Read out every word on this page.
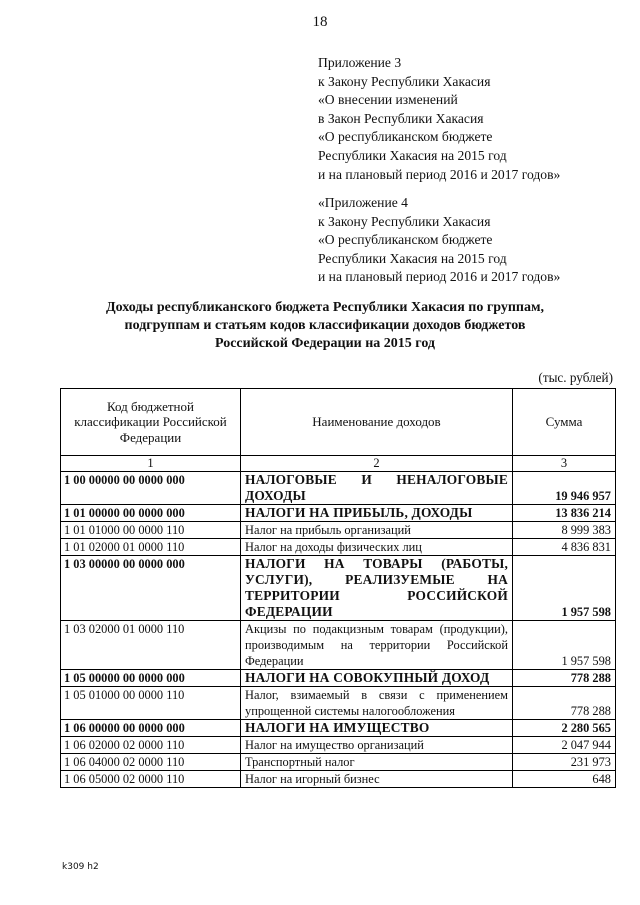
18
Приложение 3
к Закону Республики Хакасия
«О внесении изменений
в Закон Республики Хакасия
«О республиканском бюджете
Республики Хакасия на 2015 год
и на плановый период 2016 и 2017 годов»
«Приложение 4
к Закону Республики Хакасия
«О республиканском бюджете
Республики Хакасия на 2015 год
и на плановый период 2016 и 2017 годов»
Доходы республиканского бюджета Республики Хакасия по группам,
подгруппам и статьям кодов классификации доходов бюджетов
Российской Федерации на 2015 год
(тыс. рублей)
Код бюджетной классификации Российской Федерации	Наименование доходов	Сумма
1	2	3
1 00 00000 00 0000 000	НАЛОГОВЫЕ И НЕНАЛОГОВЫЕ ДОХОДЫ	19 946 957
1 01 00000 00 0000 000	НАЛОГИ НА ПРИБЫЛЬ, ДОХОДЫ	13 836 214
1 01 01000 00 0000 110	Налог на прибыль организаций	8 999 383
1 01 02000 01 0000 110	Налог на доходы физических лиц	4 836 831
1 03 00000 00 0000 000	НАЛОГИ НА ТОВАРЫ (РАБОТЫ, УСЛУГИ), РЕАЛИЗУЕМЫЕ НА ТЕРРИТОРИИ РОССИЙСКОЙ ФЕДЕРАЦИИ	1 957 598
1 03 02000 01 0000 110	Акцизы по подакцизным товарам (продукции), производимым на территории Российской Федерации	1 957 598
1 05 00000 00 0000 000	НАЛОГИ НА СОВОКУПНЫЙ ДОХОД	778 288
1 05 01000 00 0000 110	Налог, взимаемый в связи с применением упрощенной системы налогообложения	778 288
1 06 00000 00 0000 000	НАЛОГИ НА ИМУЩЕСТВО	2 280 565
1 06 02000 02 0000 110	Налог на имущество организаций	2 047 944
1 06 04000 02 0000 110	Транспортный налог	231 973
1 06 05000 02 0000 110	Налог на игорный бизнес	648
k309 h2
